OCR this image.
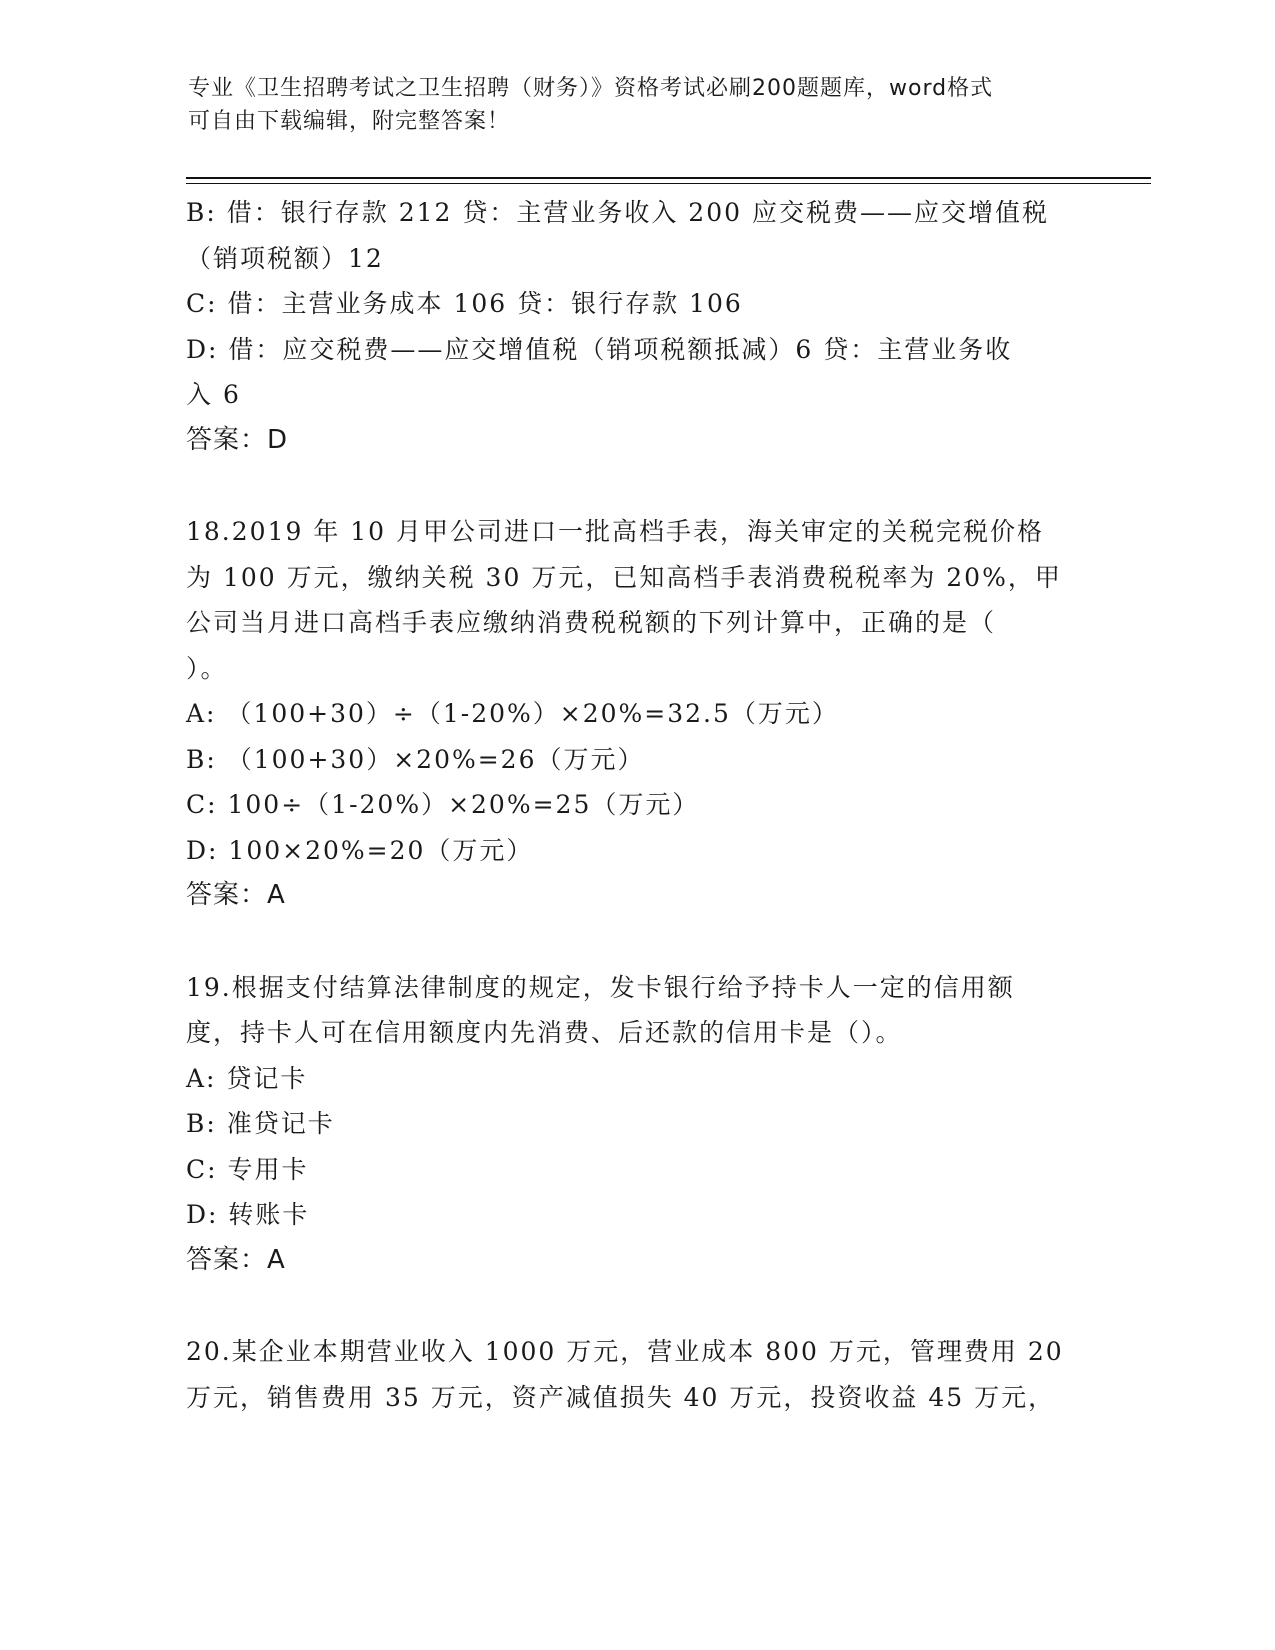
专业《卫生招聘考试之卫生招聘（财务）》资格考试必刷200题题库，word格式
可自由下载编辑，附完整答案！
B: 借：银行存款 212 贷：主营业务收入 200 应交税费——应交增值税
（销项税额）12
C: 借：主营业务成本 106 贷：银行存款 106
D: 借：应交税费——应交增值税（销项税额抵减）6 贷：主营业务收
入 6
答案：D
18.2019 年 10 月甲公司进口一批高档手表，海关审定的关税完税价格
为 100 万元，缴纳关税 30 万元，已知高档手表消费税税率为 20%，甲
公司当月进口高档手表应缴纳消费税税额的下列计算中，正确的是（
）。
A: （100+30）÷（1-20%）×20%=32.5（万元）
B: （100+30）×20%=26（万元）
C: 100÷（1-20%）×20%=25（万元）
D: 100×20%=20（万元）
答案：A
19.根据支付结算法律制度的规定，发卡银行给予持卡人一定的信用额
度，持卡人可在信用额度内先消费、后还款的信用卡是（）。
A: 贷记卡
B: 准贷记卡
C: 专用卡
D: 转账卡
答案：A
20.某企业本期营业收入 1000 万元，营业成本 800 万元，管理费用 20
万元，销售费用 35 万元，资产减值损失 40 万元，投资收益 45 万元，
